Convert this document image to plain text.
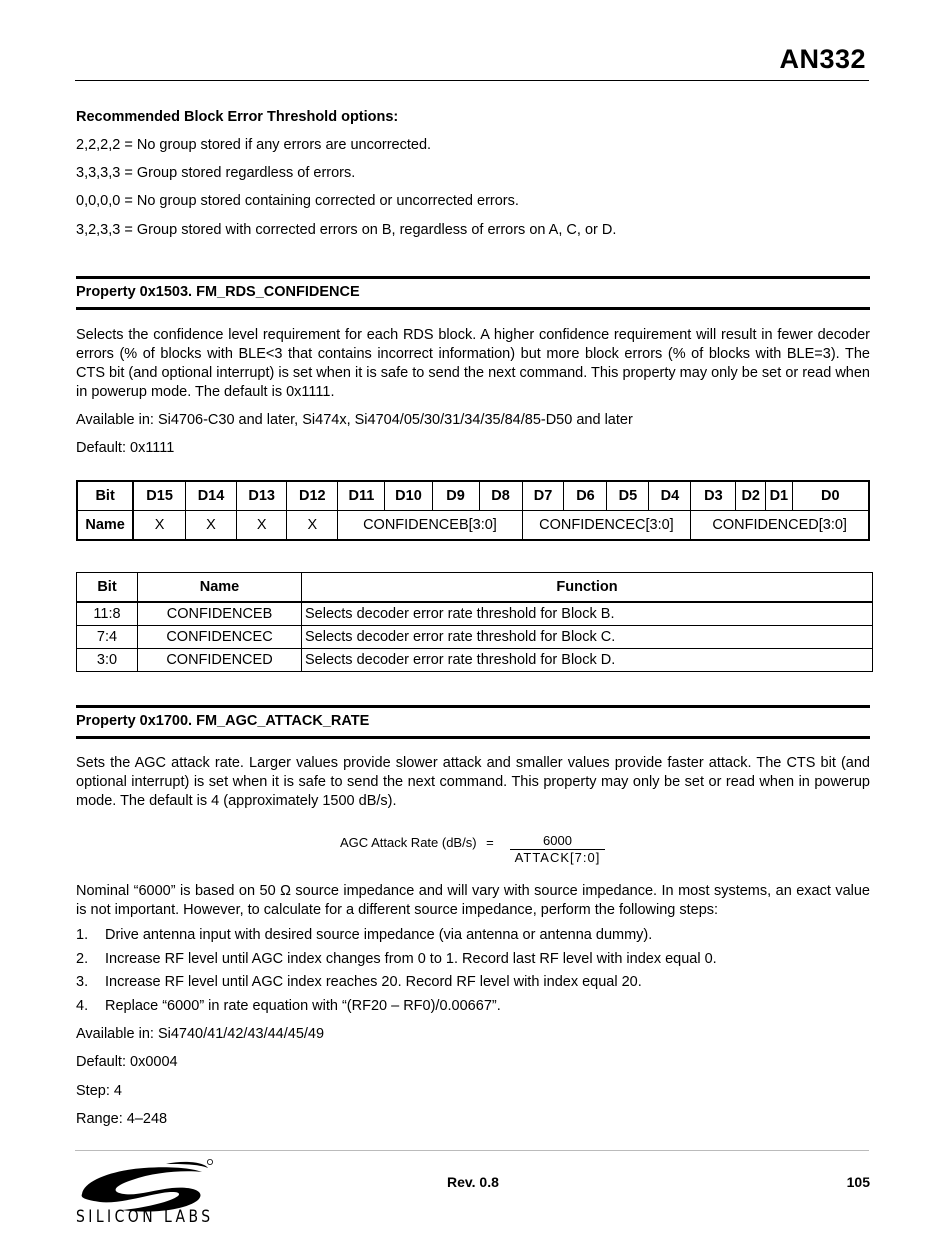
AN332
Recommended Block Error Threshold options:
2,2,2,2 = No group stored if any errors are uncorrected.
3,3,3,3 = Group stored regardless of errors.
0,0,0,0 = No group stored containing corrected or uncorrected errors.
3,2,3,3 = Group stored with corrected errors on B, regardless of errors on A, C, or D.
Property 0x1503. FM_RDS_CONFIDENCE
Selects the confidence level requirement for each RDS block. A higher confidence requirement will result in fewer decoder errors (% of blocks with BLE<3 that contains incorrect information) but more block errors (% of blocks with BLE=3). The CTS bit (and optional interrupt) is set when it is safe to send the next command. This property may only be set or read when in powerup mode. The default is 0x1111.
Available in: Si4706-C30 and later, Si474x, Si4704/05/30/31/34/35/84/85-D50 and later
Default: 0x1111
Bit	D15	D14	D13	D12	D11	D10	D9	D8	D7	D6	D5	D4	D3	D2	D1	D0
Name	X	X	X	X	CONFIDENCEB[3:0]				CONFIDENCEC[3:0]				CONFIDENCED[3:0]			
Bit	Name	Function
11:8	CONFIDENCEB	Selects decoder error rate threshold for Block B.
7:4	CONFIDENCEC	Selects decoder error rate threshold for Block C.
3:0	CONFIDENCED	Selects decoder error rate threshold for Block D.
Property 0x1700. FM_AGC_ATTACK_RATE
Sets the AGC attack rate. Larger values provide slower attack and smaller values provide faster attack. The CTS bit (and optional interrupt) is set when it is safe to send the next command. This property may only be set or read when in powerup mode. The default is 4 (approximately 1500 dB/s).
AGC Attack Rate (dB/s) =	6000
ATTACK[7:0]
Nominal “6000” is based on 50 Ω source impedance and will vary with source impedance. In most systems, an exact value is not important. However, to calculate for a different source impedance, perform the following steps:
1. Drive antenna input with desired source impedance (via antenna or antenna dummy).
2. Increase RF level until AGC index changes from 0 to 1. Record last RF level with index equal 0.
3. Increase RF level until AGC index reaches 20. Record RF level with index equal 20.
4. Replace “6000” in rate equation with “(RF20 – RF0)/0.00667”.
Available in: Si4740/41/42/43/44/45/49
Default: 0x0004
Step: 4
Range: 4–248
SILICON LABS
Rev. 0.8	105
